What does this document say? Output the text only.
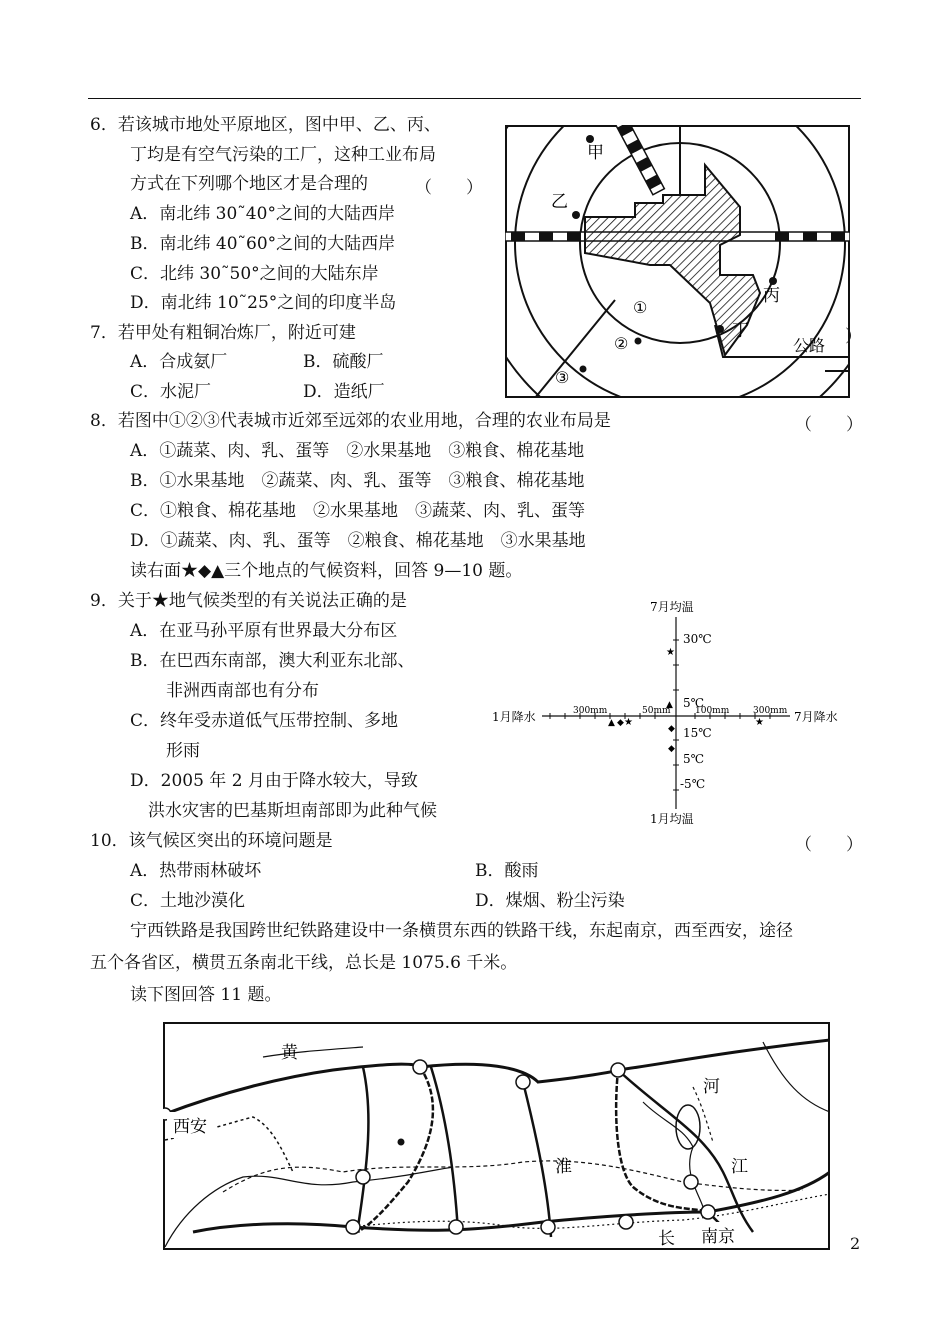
6．若该城市地处平原地区，图中甲、乙、丙、
丁均是有空气污染的工厂，这种工业布局
方式在下列哪个地区才是合理的	（　　）
A．南北纬 30˜40°之间的大陆西岸
B．南北纬 40˜60°之间的大陆西岸
C．北纬 30˜50°之间的大陆东岸
D．南北纬 10˜25°之间的印度半岛
7．若甲处有粗铜冶炼厂，附近可建	）
A．合成氨厂	B．硫酸厂
C．水泥厂	D．造纸厂
甲
乙
丙
丁
①
②
③
公路
8．若图中①②③代表城市近郊至远郊的农业用地，合理的农业布局是	（　　）
A．①蔬菜、肉、乳、蛋等　②水果基地　③粮食、棉花基地
B．①水果基地　②蔬菜、肉、乳、蛋等　③粮食、棉花基地
C．①粮食、棉花基地　②水果基地　③蔬菜、肉、乳、蛋等
D．①蔬菜、肉、乳、蛋等　②粮食、棉花基地　③水果基地
读右面★◆▲三个地点的气候资料，回答 9—10 题。
9．关于★地气候类型的有关说法正确的是
A．在亚马孙平原有世界最大分布区
B．在巴西东南部，澳大利亚东北部、
非洲西南部也有分布
C．终年受赤道低气压带控制、多地
形雨
D．2005 年 2 月由于降水较大，导致
洪水灾害的巴基斯坦南部即为此种气候
7月均温
1月均温
1月降水	7月降水
30℃
5℃
15℃
5℃
-5℃
300mm	50mm	100mm	300mm
★
▲
◆
◆
▲ ◆ ★	★
10．该气候区突出的环境问题是	（　　）
A．热带雨林破坏	B．酸雨
C．土地沙漠化	D．煤烟、粉尘污染
宁西铁路是我国跨世纪铁路建设中一条横贯东西的铁路干线，东起南京，西至西安，途径
五个各省区，横贯五条南北干线，总长是 1075.6 千米。
读下图回答 11 题。
西安
黄
河
淮	江
长 南京	2
